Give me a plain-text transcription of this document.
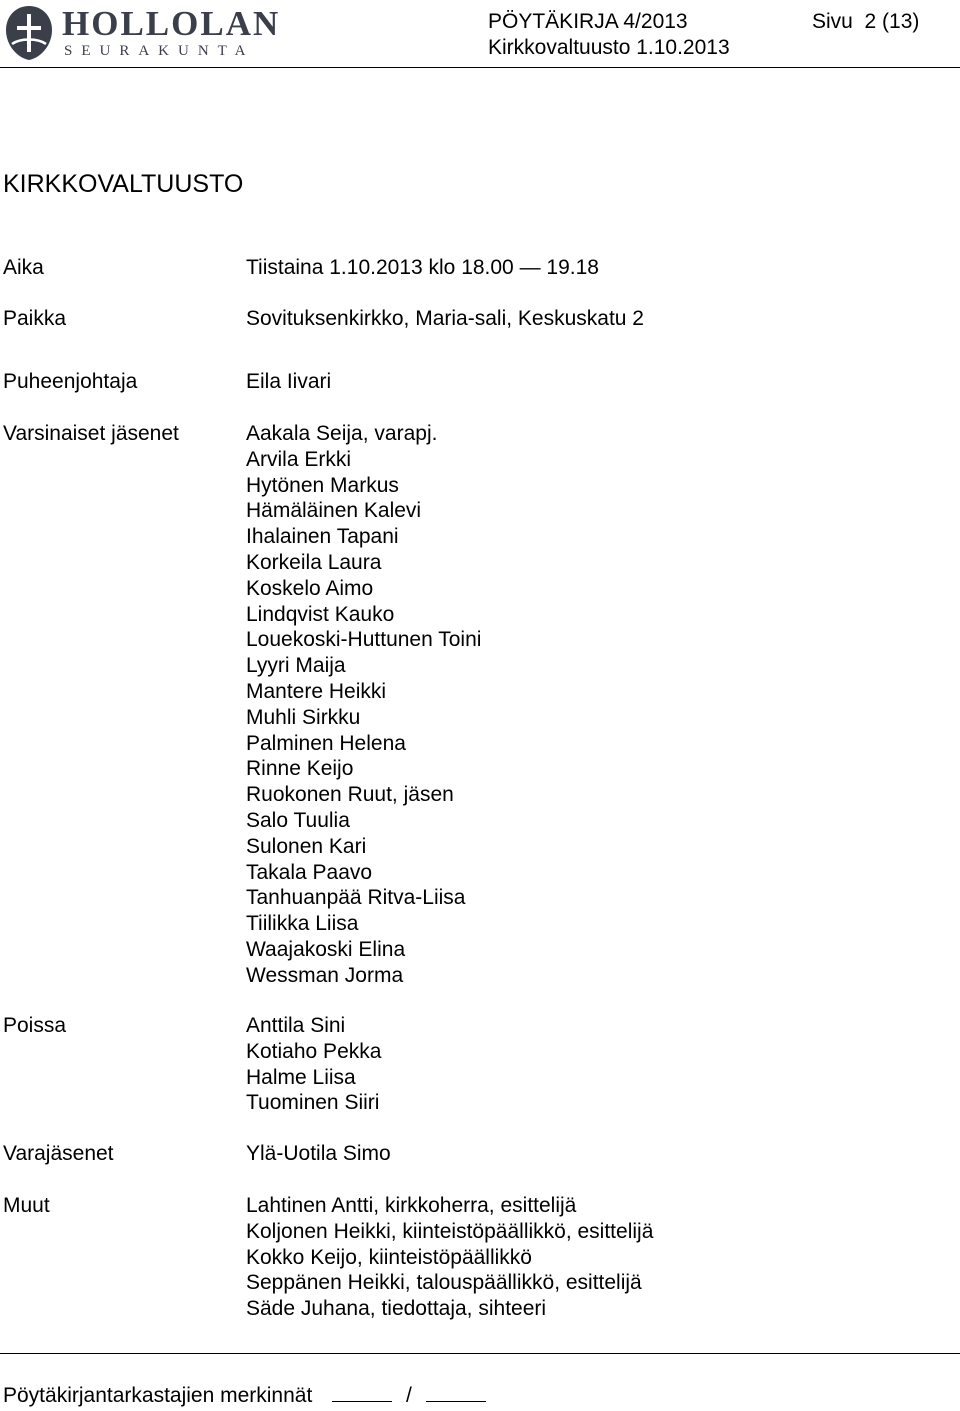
HOLLOLAN
SEURAKUNTA
PÖYTÄKIRJA 4/2013	Sivu  2 (13)
Kirkkovaltuusto 1.10.2013
KIRKKOVALTUUSTO
Aika	Tiistaina 1.10.2013 klo 18.00 — 19.18
Paikka	Sovituksenkirkko, Maria-sali, Keskuskatu 2
Puheenjohtaja	Eila Iivari
Varsinaiset jäsenet	Aakala Seija, varapj.
Arvila Erkki
Hytönen Markus
Hämäläinen Kalevi
Ihalainen Tapani
Korkeila Laura
Koskelo Aimo
Lindqvist Kauko
Louekoski-Huttunen Toini
Lyyri Maija
Mantere Heikki
Muhli Sirkku
Palminen Helena
Rinne Keijo
Ruokonen Ruut, jäsen
Salo Tuulia
Sulonen Kari
Takala Paavo
Tanhuanpää Ritva-Liisa
Tiilikka Liisa
Waajakoski Elina
Wessman Jorma
Poissa	Anttila Sini
Kotiaho Pekka
Halme Liisa
Tuominen Siiri
Varajäsenet	Ylä-Uotila Simo
Muut	Lahtinen Antti, kirkkoherra, esittelijä
Koljonen Heikki, kiinteistöpäällikkö, esittelijä
Kokko Keijo, kiinteistöpäällikkö
Seppänen Heikki, talouspäällikkö, esittelijä
Säde Juhana, tiedottaja, sihteeri
Pöytäkirjantarkastajien merkinnät	/
